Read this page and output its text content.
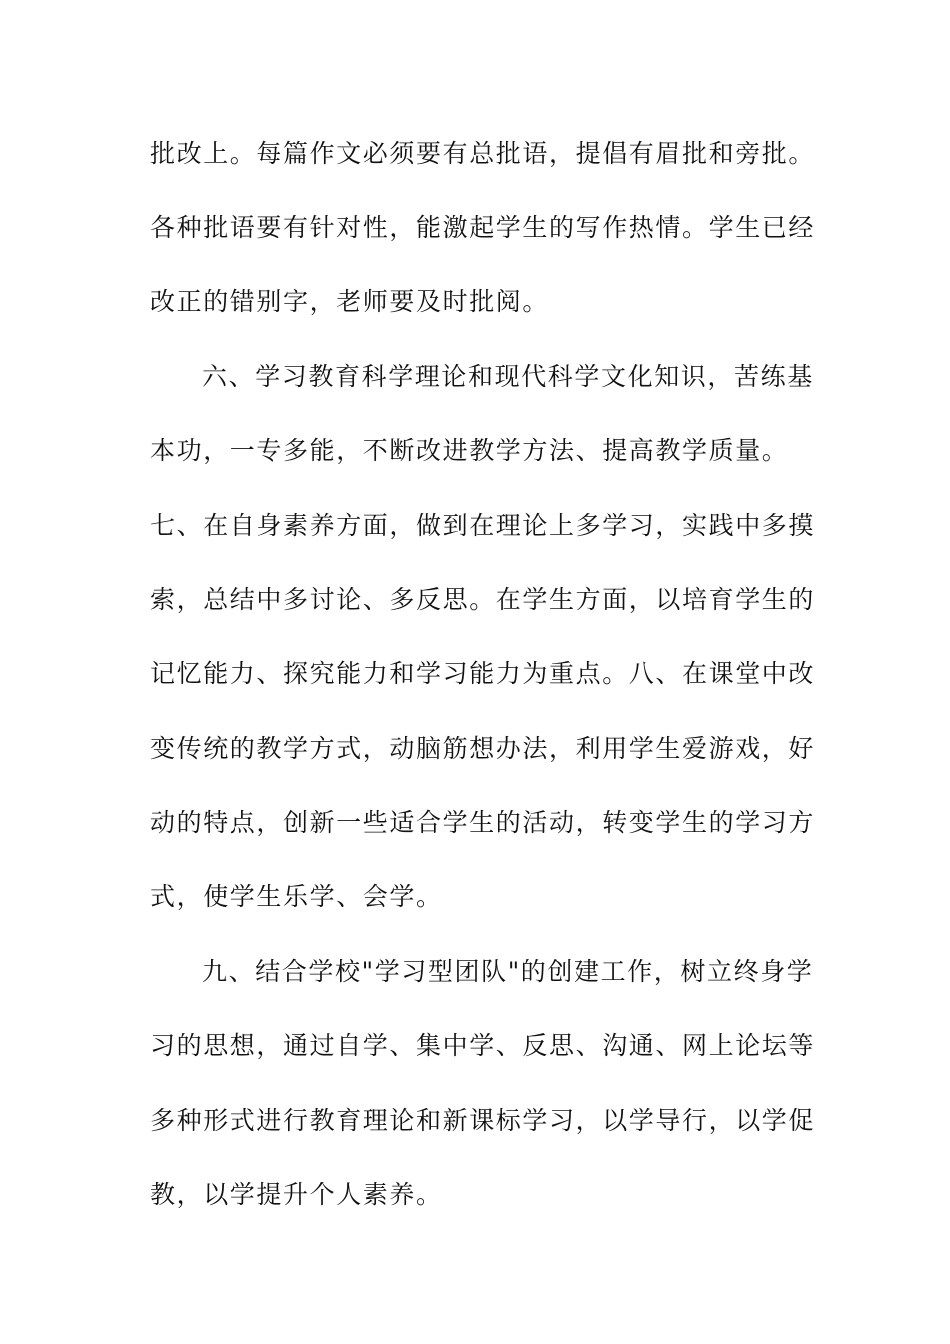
批改上。每篇作文必须要有总批语，提倡有眉批和旁批。
各种批语要有针对性，能激起学生的写作热情。学生已经
改正的错别字，老师要及时批阅。
六、学习教育科学理论和现代科学文化知识，苦练基
本功，一专多能，不断改进教学方法、提高教学质量。
七、在自身素养方面，做到在理论上多学习，实践中多摸
索，总结中多讨论、多反思。在学生方面，以培育学生的
记忆能力、探究能力和学习能力为重点。八、在课堂中改
变传统的教学方式，动脑筋想办法，利用学生爱游戏，好
动的特点，创新一些适合学生的活动，转变学生的学习方
式，使学生乐学、会学。
九、结合学校"学习型团队"的创建工作，树立终身学
习的思想，通过自学、集中学、反思、沟通、网上论坛等
多种形式进行教育理论和新课标学习，以学导行，以学促
教，以学提升个人素养。
